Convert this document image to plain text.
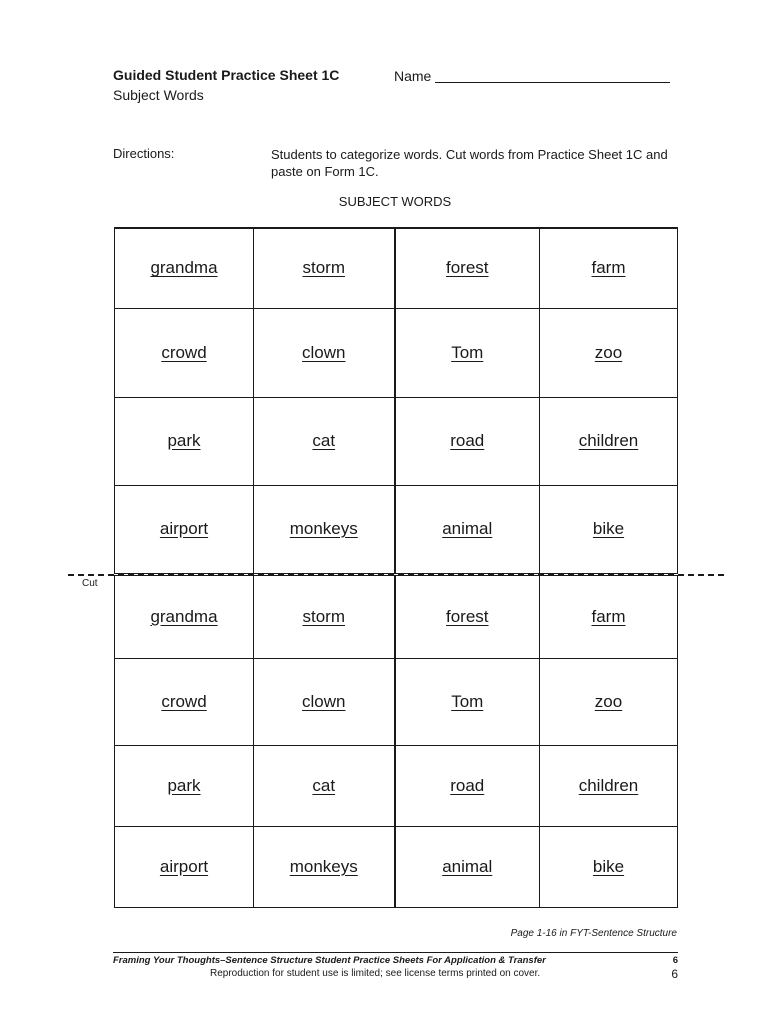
Guided Student Practice Sheet 1C
Subject Words
Name
Directions:	Students to categorize words. Cut words from Practice Sheet 1C and paste on Form 1C.
SUBJECT WORDS
grandma	storm	forest	farm
crowd	clown	Tom	zoo
park	cat	road	children
airport	monkeys	animal	bike
Cut
grandma	storm	forest	farm
crowd	clown	Tom	zoo
park	cat	road	children
airport	monkeys	animal	bike
Page 1-16 in FYT-Sentence Structure
Framing Your Thoughts–Sentence Structure Student Practice Sheets For Application & Transfer	6
Reproduction for student use is limited; see license terms printed on cover.	6
